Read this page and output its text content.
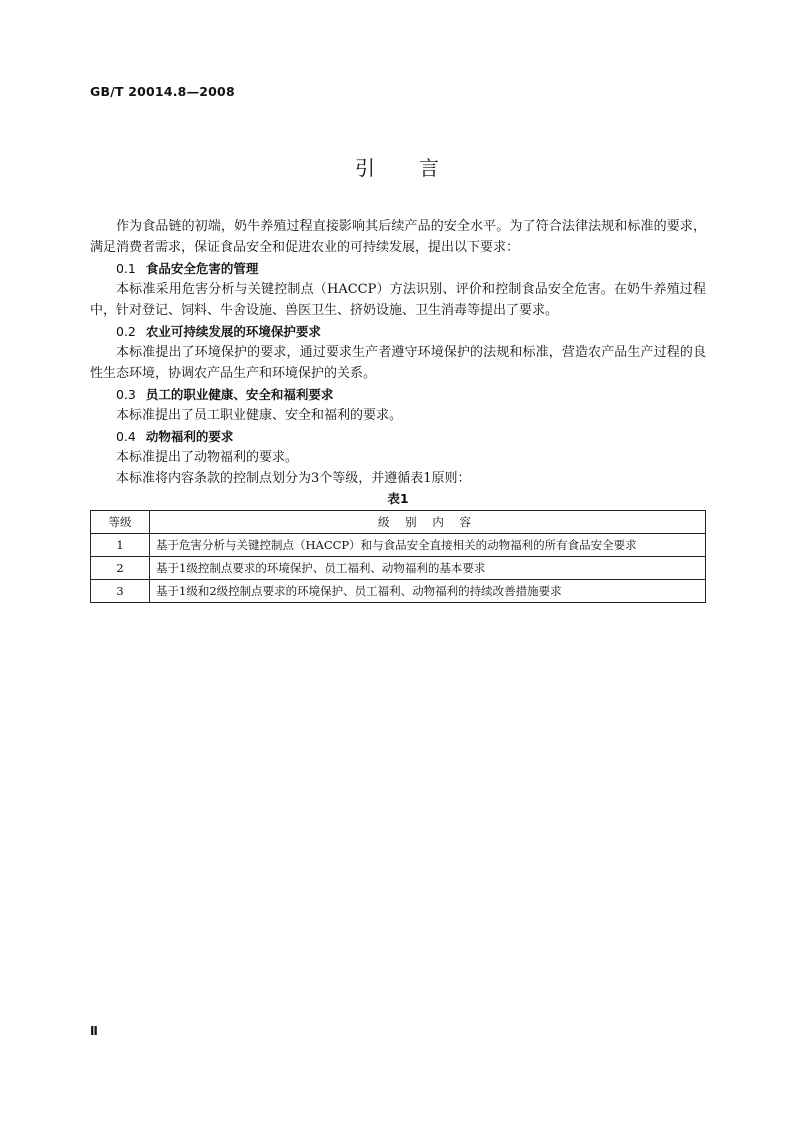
GB/T 20014.8—2008
引言

作为食品链的初端，奶牛养殖过程直接影响其后续产品的安全水平。为了符合法律法规和标准的要求，满足消费者需求，保证食品安全和促进农业的可持续发展，提出以下要求：

0.1 食品安全危害的管理

本标准采用危害分析与关键控制点（HACCP）方法识别、评价和控制食品安全危害。在奶牛养殖过程中，针对登记、饲料、牛舍设施、兽医卫生、挤奶设施、卫生消毒等提出了要求。

0.2 农业可持续发展的环境保护要求

本标准提出了环境保护的要求，通过要求生产者遵守环境保护的法规和标准，营造农产品生产过程的良性生态环境，协调农产品生产和环境保护的关系。

0.3 员工的职业健康、安全和福利要求

本标准提出了员工职业健康、安全和福利的要求。

0.4 动物福利的要求

本标准提出了动物福利的要求。

本标准将内容条款的控制点划分为3个等级，并遵循表1原则：

表1

等级	级 别 内 容
1	基于危害分析与关键控制点（HACCP）和与食品安全直接相关的动物福利的所有食品安全要求
2	基于1级控制点要求的环境保护、员工福利、动物福利的基本要求
3	基于1级和2级控制点要求的环境保护、员工福利、动物福利的持续改善措施要求
Ⅱ
